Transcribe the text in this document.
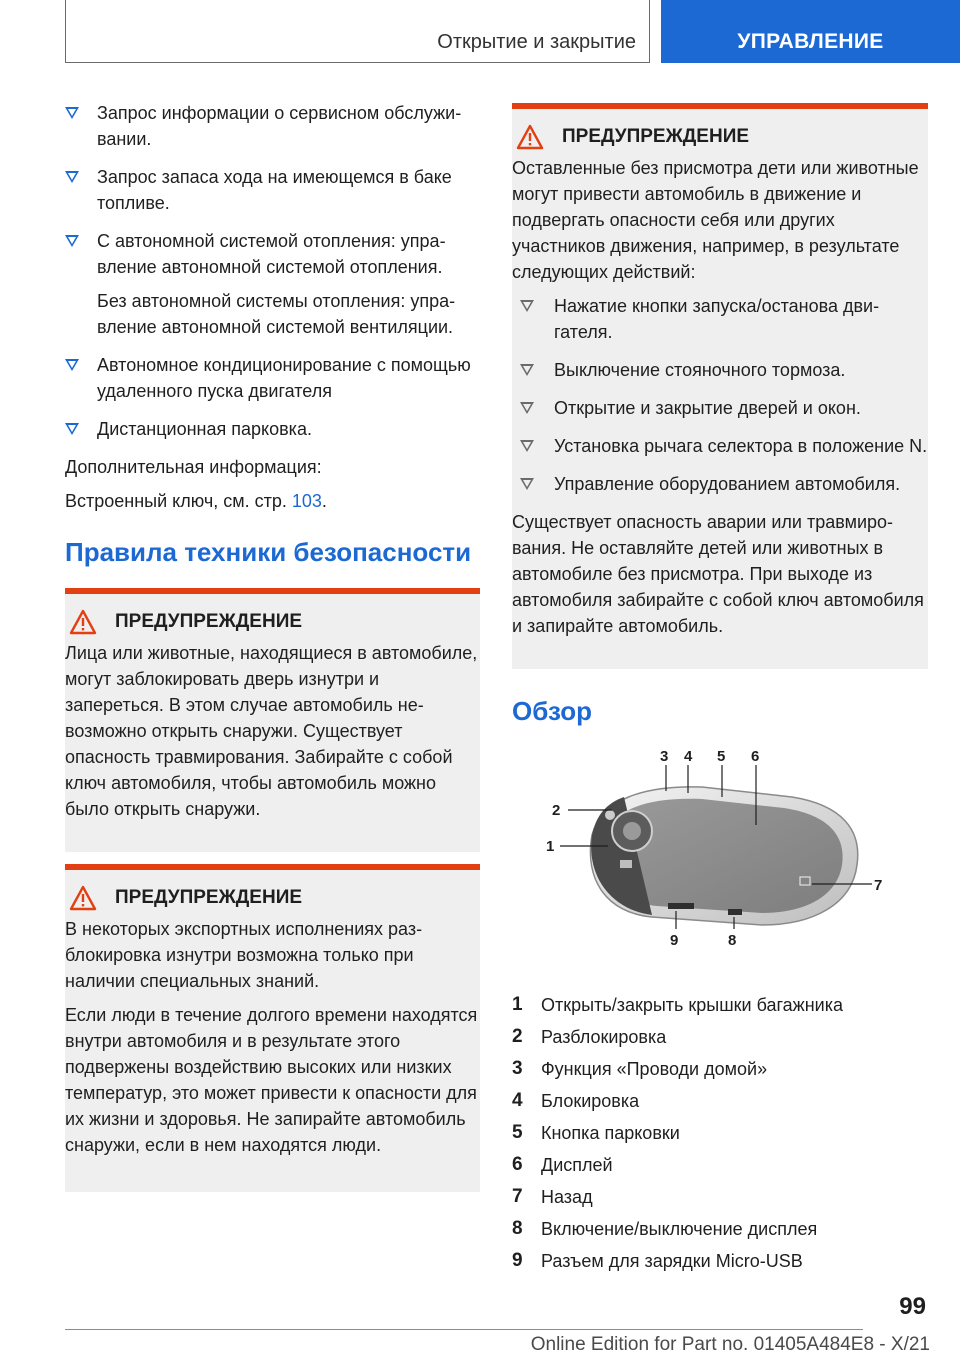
Открытие и закрытие	УПРАВЛЕНИЕ

Запрос информации о сервисном обслуживании.

Запрос запаса хода на имеющемся в баке топливе.

С автономной системой отопления: управление автономной системой отопления.

Без автономной системы отопления: управление автономной системой вентиляции.

Автономное кондиционирование с помощью удаленного пуска двигателя

Дистанционная парковка.

Дополнительная информация:

Встроенный ключ, см. стр. 103.

Правила техники безопасности
ПРЕДУПРЕЖДЕНИЕ

Лица или животные, находящиеся в автомобиле, могут заблокировать дверь изнутри и запереться. В этом случае автомобиль невозможно открыть снаружи. Существует опасность травмирования. Забирайте с собой ключ автомобиля, чтобы автомобиль можно было открыть снаружи.

ПРЕДУПРЕЖДЕНИЕ

В некоторых экспортных исполнениях разблокировка изнутри возможна только при наличии специальных знаний.

Если люди в течение долгого времени находятся внутри автомобиля и в результате этого подвержены воздействию высоких или низких температур, это может привести к опасности для их жизни и здоровья. Не запирайте автомобиль снаружи, если в нем находятся люди.

ПРЕДУПРЕЖДЕНИЕ

Оставленные без присмотра дети или животные могут привести автомобиль в движение и подвергать опасности себя или других участников движения, например, в результате следующих действий:

Нажатие кнопки запуска/останова двигателя.

Выключение стояночного тормоза.

Открытие и закрытие дверей и окон.

Установка рычага селектора в положение N.

Управление оборудованием автомобиля.

Существует опасность аварии или травмирования. Не оставляйте детей или животных в автомобиле без присмотра. При выходе из автомобиля забирайте с собой ключ автомобиля и запирайте автомобиль.

Обзор
3 4 5 6
2
1
7
9	8
1	Открыть/закрыть крышки багажника
2	Разблокировка
3	Функция «Проводи домой»
4	Блокировка
5	Кнопка парковки
6	Дисплей
7	Назад
8	Включение/выключение дисплея
9	Разъем для зарядки Micro-USB
99
Online Edition for Part no. 01405A484E8 - X/21
